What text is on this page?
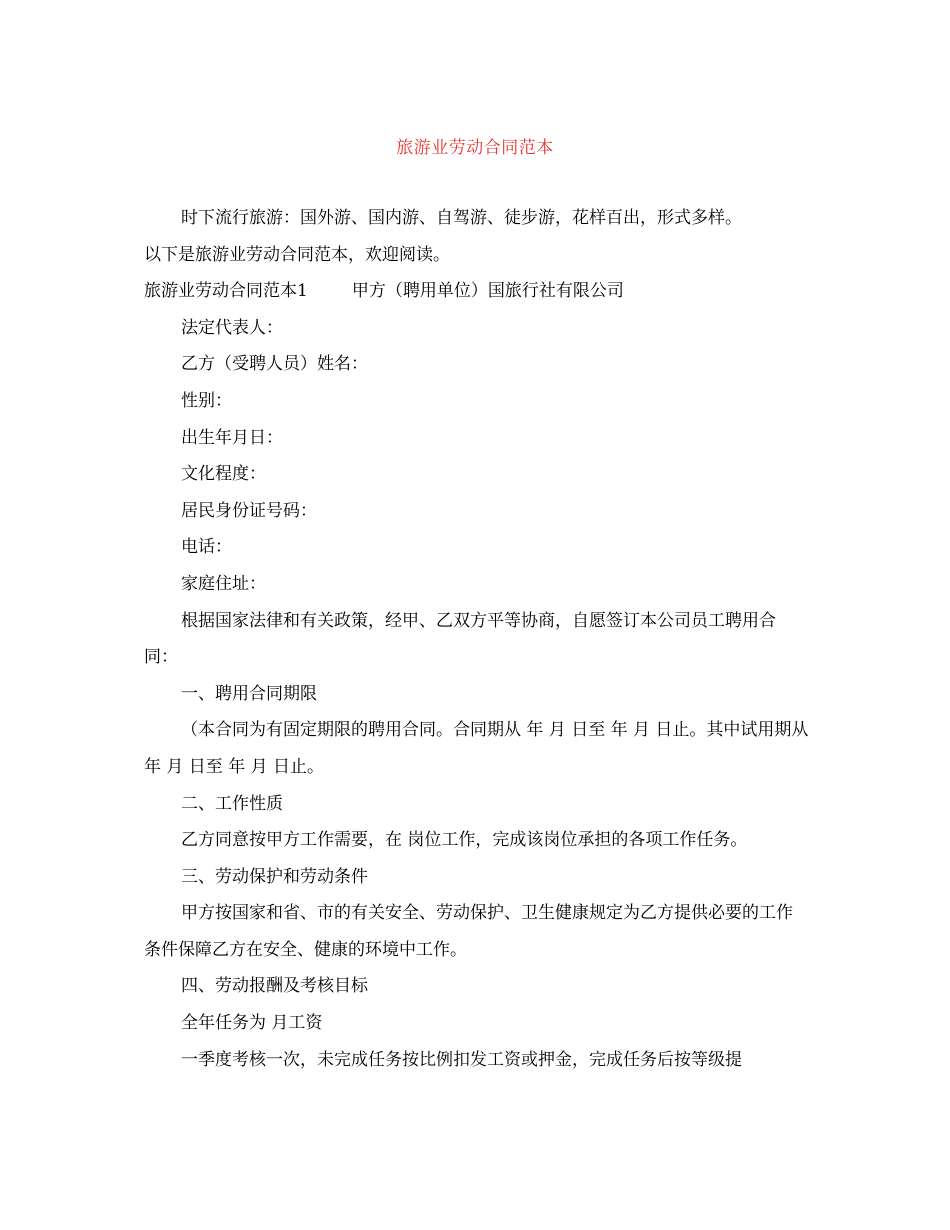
旅游业劳动合同范本

时下流行旅游：国外游、国内游、自驾游、徒步游，花样百出，形式多样。

以下是旅游业劳动合同范本，欢迎阅读。

旅游业劳动合同范本1	甲方（聘用单位）国旅行社有限公司

法定代表人：

乙方（受聘人员）姓名：

性别：

出生年月日：

文化程度：

居民身份证号码：

电话：

家庭住址：

根据国家法律和有关政策，经甲、乙双方平等协商，自愿签订本公司员工聘用合同：

一、聘用合同期限

（本合同为有固定期限的聘用合同。合同期从 年 月 日至 年 月 日止。其中试用期从 年 月 日至 年 月 日止。

二、工作性质

乙方同意按甲方工作需要，在 岗位工作，完成该岗位承担的各项工作任务。

三、劳动保护和劳动条件

甲方按国家和省、市的有关安全、劳动保护、卫生健康规定为乙方提供必要的工作条件保障乙方在安全、健康的环境中工作。

四、劳动报酬及考核目标

全年任务为 月工资

一季度考核一次，未完成任务按比例扣发工资或押金，完成任务后按等级提
